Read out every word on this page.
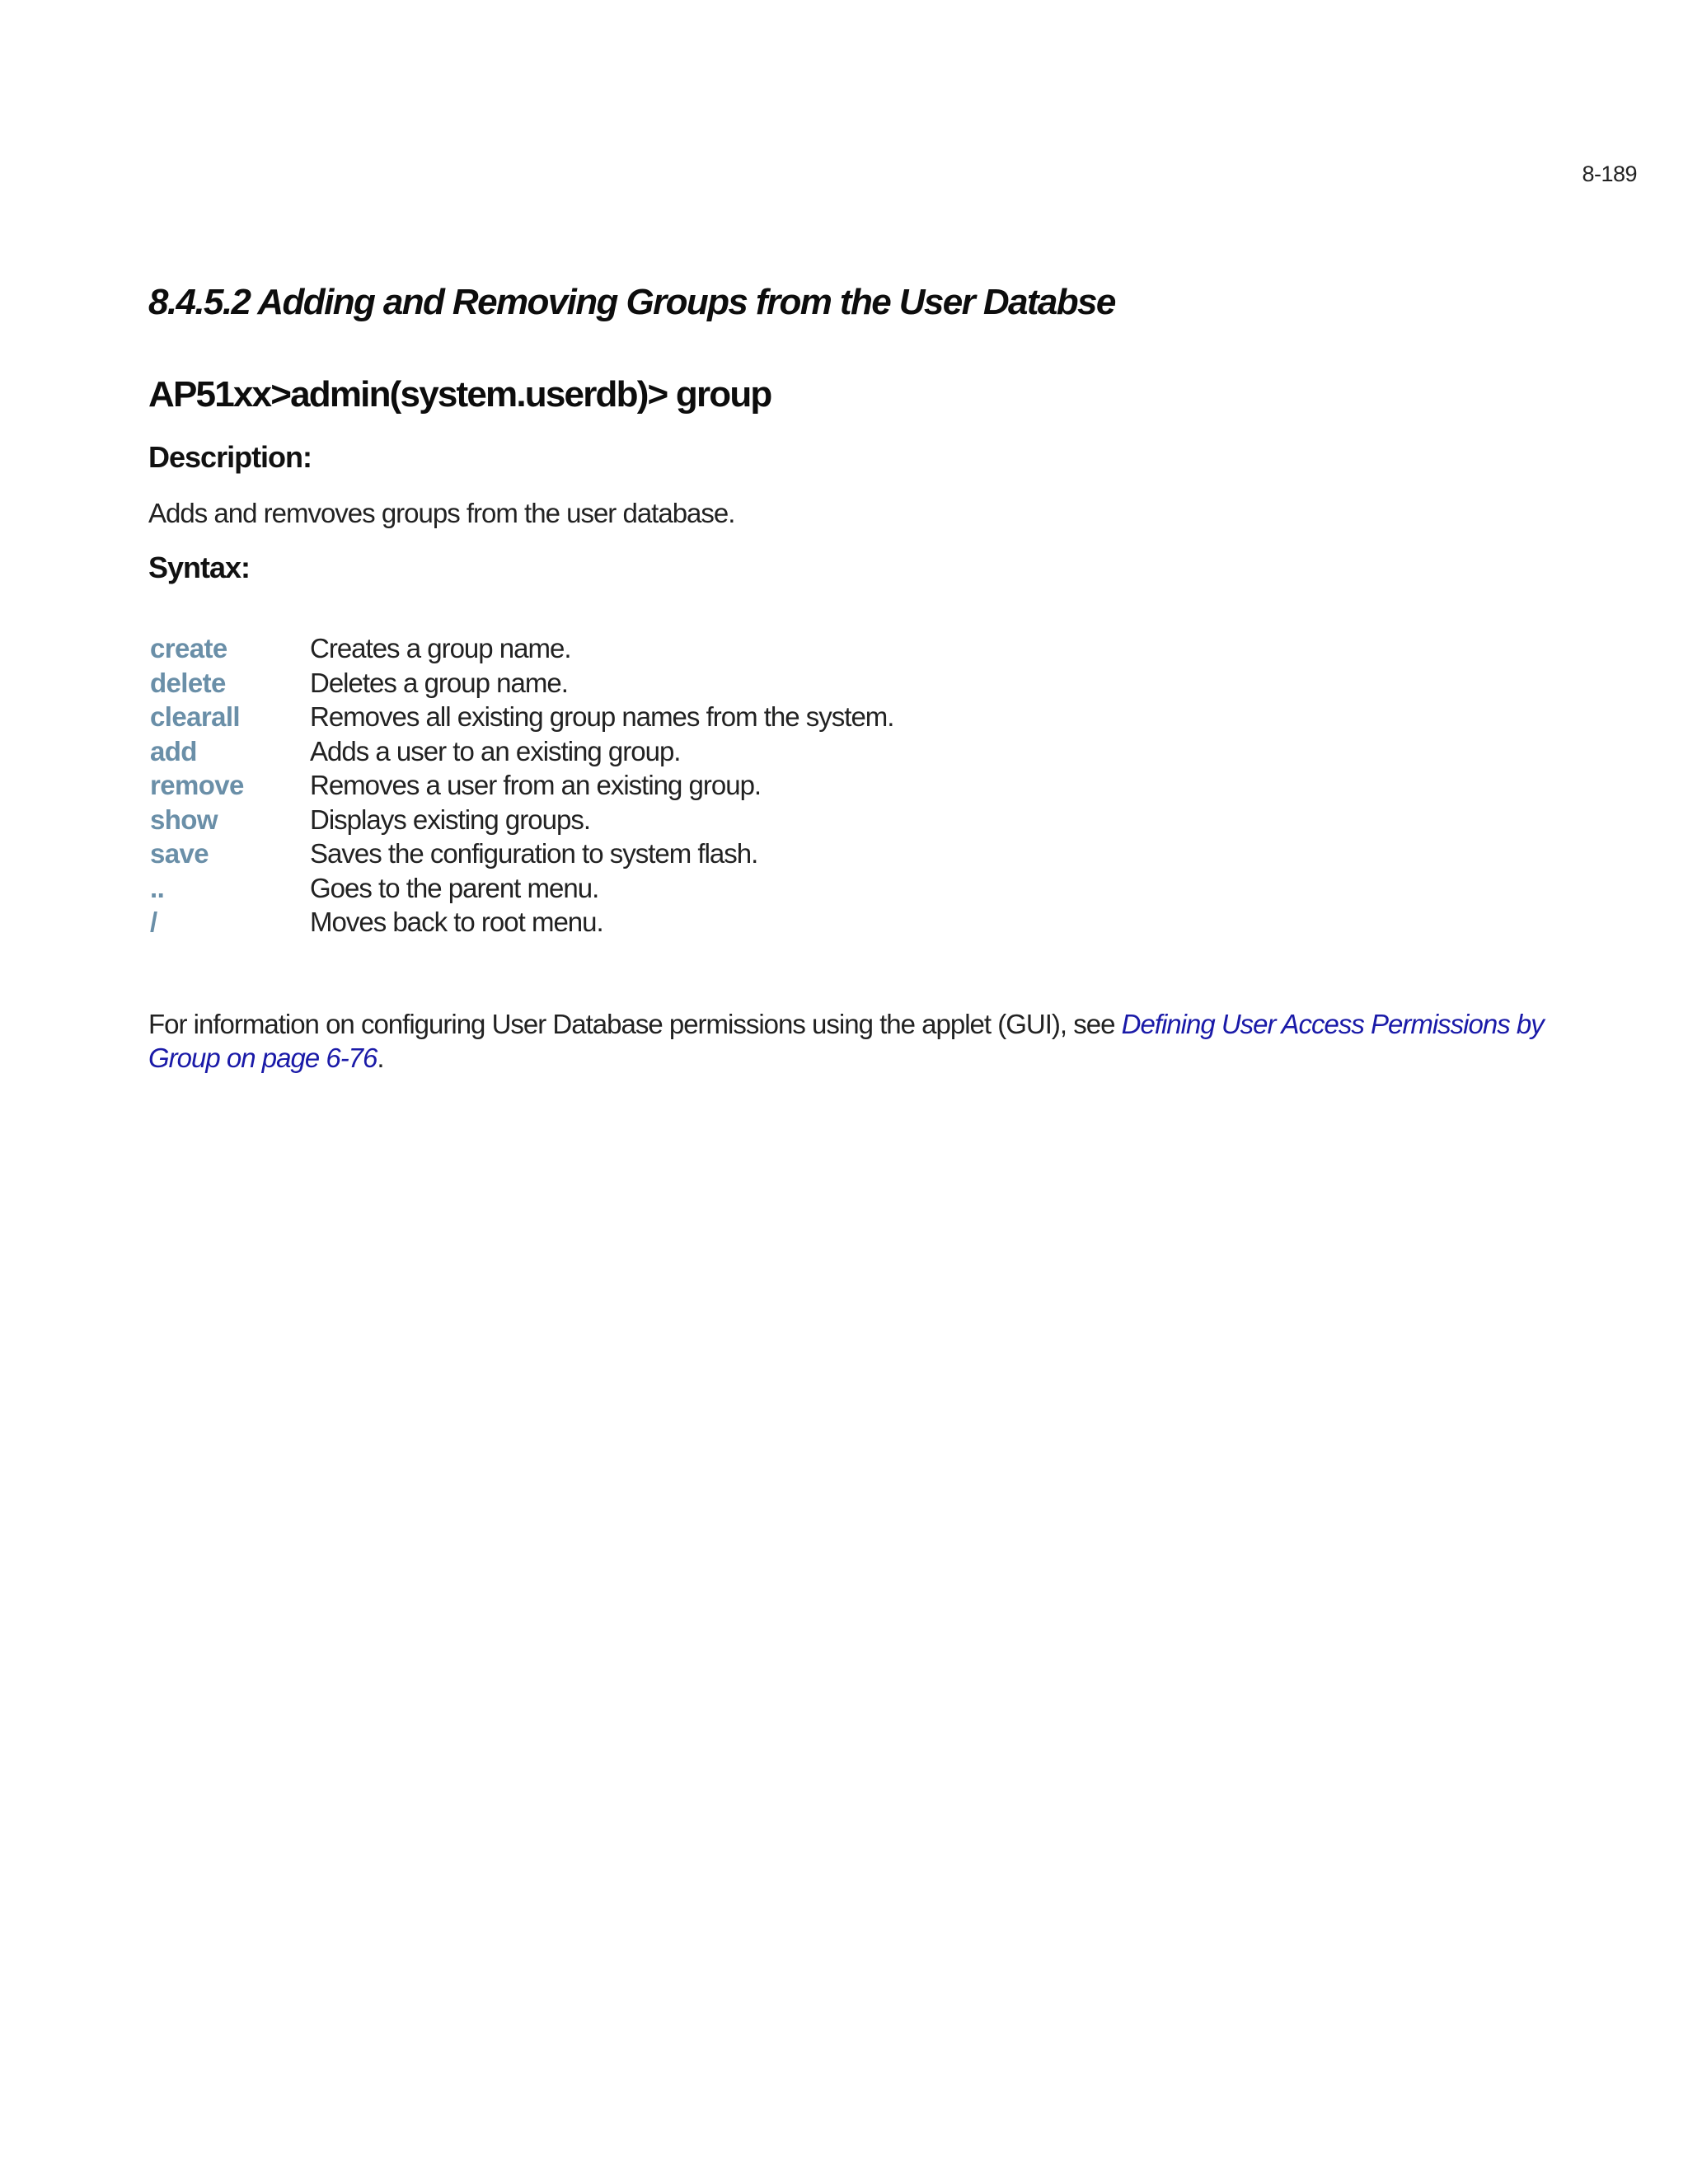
8-189
8.4.5.2 Adding and Removing Groups from the User Databse
AP51xx>admin(system.userdb)> group
Description:

Adds and remvoves groups from the user database.

Syntax:
create	Creates a group name.
delete	Deletes a group name.
clearall	Removes all existing group names from the system.
add	Adds a user to an existing group.
remove	Removes a user from an existing group.
show	Displays existing groups.
save	Saves the configuration to system flash.
..	Goes to the parent menu.
/	Moves back to root menu.

For information on configuring User Database permissions using the applet (GUI), see Defining User Access Permissions by Group on page 6-76.
